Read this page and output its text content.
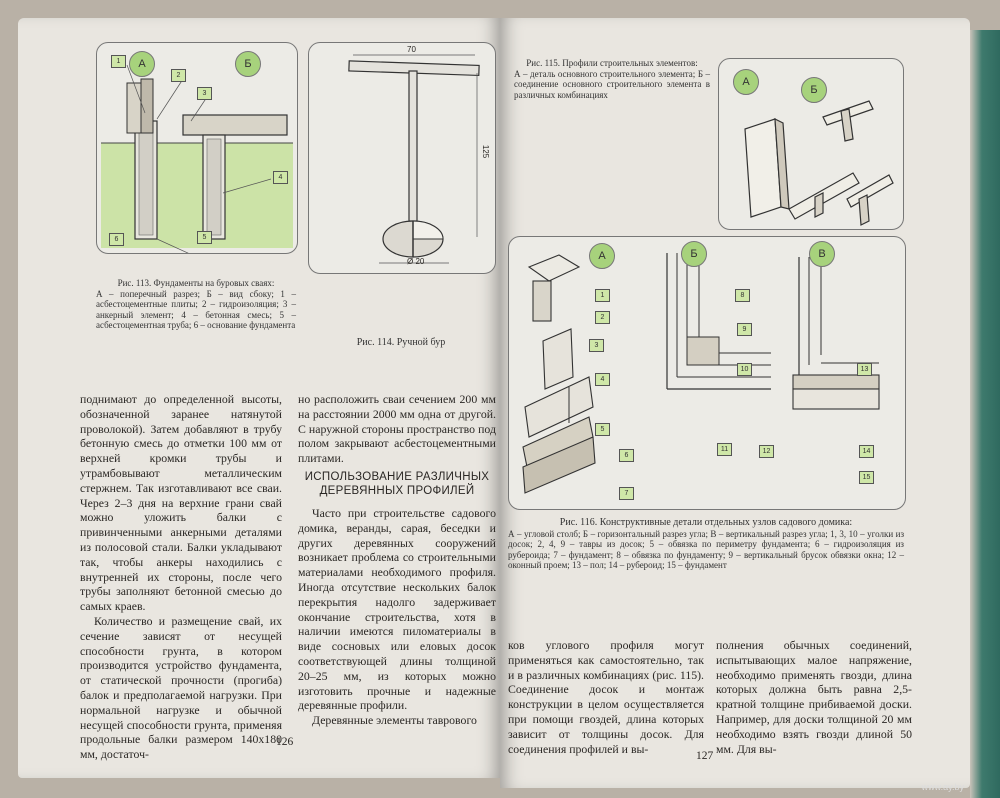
А	Б
1
2
3
4
5
6
Рис. 113. Фундаменты на буровых сваях:
А – поперечный разрез; Б – вид сбоку; 1 – асбестоцементные плиты; 2 – гидроизоляция; 3 – анкерный элемент; 4 – бетонная смесь; 5 – асбестоцементная труба; 6 – основание фундамента
70
125
Ø 20
Рис. 114. Ручной бур

поднимают до определенной высоты, обозначенной заранее натянутой проволокой). Затем добавляют в трубу бетонную смесь до отметки 100 мм от верхней кромки трубы и утрамбовывают металлическим стержнем. Так изготавливают все сваи. Через 2–3 дня на верхние грани свай можно уложить балки с привинченными анкерными деталями из полосовой стали. Балки укладывают так, чтобы анкеры находились с внутренней их стороны, после чего трубы заполняют бетонной смесью до самых краев.

Количество и размещение свай, их сечение зависят от несущей способности грунта, в котором производится устройство фундамента, от статической прочности (прогиба) балок и предполагаемой нагрузки. При нормальной нагрузке и обычной несущей способности грунта, применяя продольные балки размером 140х180 мм, достаточ-

но расположить сваи сечением 200 мм на расстоянии 2000 мм одна от другой. С наружной стороны пространство под полом закрывают асбестоцементными плитами.

ИСПОЛЬЗОВАНИЕ РАЗЛИЧНЫХ ДЕРЕВЯННЫХ ПРОФИЛЕЙ

Часто при строительстве садового домика, веранды, сарая, беседки и других деревянных сооружений возникает проблема со строительными материалами необходимого профиля. Иногда отсутствие нескольких балок перекрытия надолго задерживает окончание строительства, хотя в наличии имеются пиломатериалы в виде сосновых или еловых досок соответствующей длины толщиной 20–25 мм, из которых можно изготовить прочные и надежные деревянные профили.

Деревянные элементы таврового

126
Рис. 115. Профили строительных элементов:
А – деталь основного строительного элемента; Б – соединение основного строительного элемента в различных комбинациях
А
Б
А	Б	В
1
2
3
4
5
6
7
8
9
10
11	12
13
14
15
Рис. 116. Конструктивные детали отдельных узлов садового домика:
А – угловой столб; Б – горизонтальный разрез угла; В – вертикальный разрез угла; 1, 3, 10 – уголки из досок; 2, 4, 9 – тавры из досок; 5 – обвязка по периметру фундамента; 6 – гидроизоляция из рубероида; 7 – фундамент; 8 – обвязка по фундаменту; 9 – вертикальный брусок обвязки окна; 12 – оконный проем; 13 – пол; 14 – рубероид; 15 – фундамент

ков углового профиля могут применяться как самостоятельно, так и в различных комбинациях (рис. 115). Соединение досок и монтаж конструкции в целом осуществляется при помощи гвоздей, длина которых зависит от толщины досок. Для соединения профилей и вы-

полнения обычных соединений, испытывающих малое напряжение, необходимо применять гвозди, длина которых должна быть равна 2,5-кратной толщине прибиваемой доски. Например, для доски толщиной 20 мм необходимо взять гвозди длиной 50 мм. Для вы-

127
www.ay.by
